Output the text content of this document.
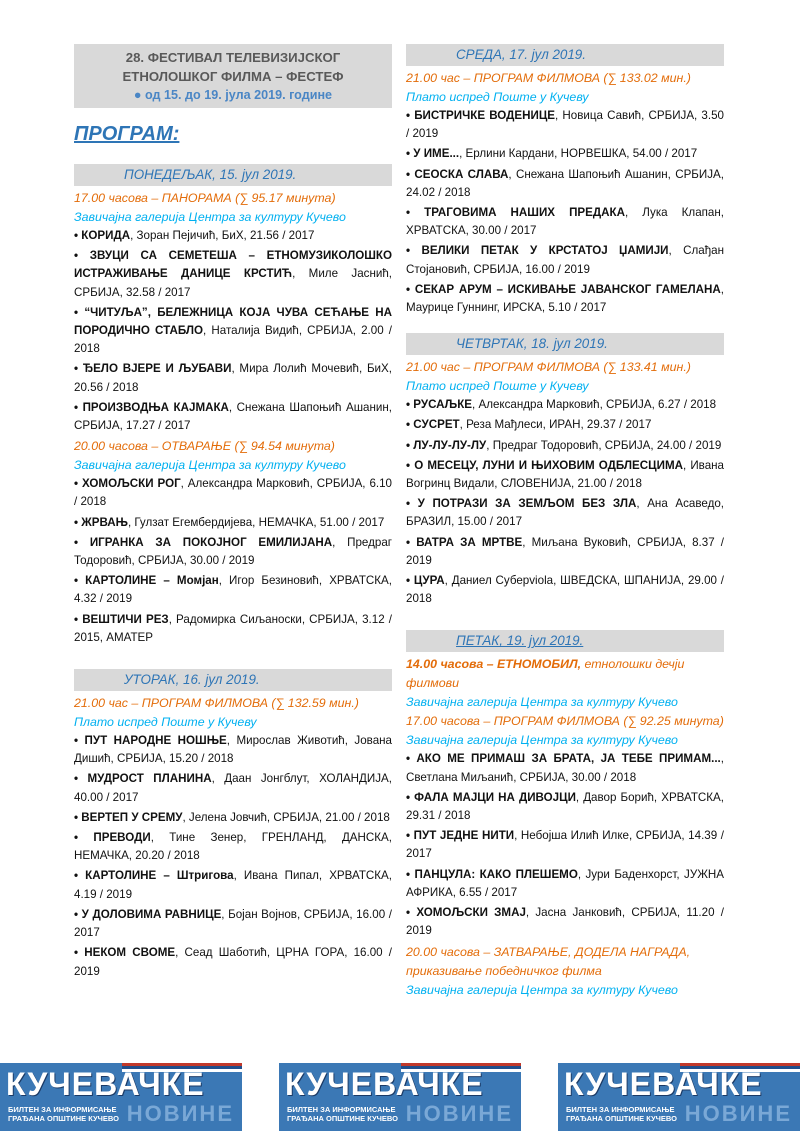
28. ФЕСТИВАЛ ТЕЛЕВИЗИЈСКОГ
ЕТНОЛОШКОГ ФИЛМА – ФЕСТЕФ
● од 15. до 19. јула 2019. године
ПРОГРАМ:
ПОНЕДЕЉАК, 15. јул 2019.
17.00 часова – ПАНОРАМА (∑ 95.17 минута)
Завичајна галерија Центра за културу Кучево
• КОРИДА, Зоран Пејичић, БиХ, 21.56 / 2017
• ЗВУЦИ СА СЕМЕТЕША – ЕТНОМУЗИКОЛОШКО ИСТРАЖИВАЊЕ ДАНИЦЕ КРСТИЋ, Миле Јаснић, СРБИЈА, 32.58 / 2017
• “ЧИТУЉА”, БЕЛЕЖНИЦА КОЈА ЧУВА СЕЋАЊЕ НА ПОРОДИЧНО СТАБЛО, Наталија Видић, СРБИЈА, 2.00 / 2018
• ЂЕЛО ВЈЕРЕ И ЉУБАВИ, Мира Лолић Мочевић, БиХ, 20.56 / 2018
• ПРОИЗВОДЊА КАЈМАКА, Снежана Шапоњић Ашанин, СРБИЈА, 17.27 / 2017
20.00 часова – ОТВАРАЊЕ (∑ 94.54 минута)
Завичајна галерија Центра за културу Кучево
• ХОМОЉСКИ РОГ, Александра Марковић, СРБИЈА, 6.10 / 2018
• ЖРВАЊ, Гулзат Егембердијева, НЕМАЧКА, 51.00 / 2017
• ИГРАНКА ЗА ПОКОЈНОГ ЕМИЛИЈАНА, Предраг Тодоровић, СРБИЈА, 30.00 / 2019
• КАРТОЛИНЕ – Момјан, Игор Безиновић, ХРВАТСКА, 4.32 / 2019
• ВЕШТИЧИ РЕЗ, Радомирка Сиљаноски, СРБИЈА, 3.12 / 2015, АМАТЕР
УТОРАК, 16. јул 2019.
21.00 час – ПРОГРАМ ФИЛМОВА (∑ 132.59 мин.)
Плато испред Поште у Кучеву
• ПУТ НАРОДНЕ НОШЊЕ, Мирослав Животић, Јована Дишић, СРБИЈА, 15.20 / 2018
• МУДРОСТ ПЛАНИНА, Даан Јонгблут, ХОЛАНДИЈА, 40.00 / 2017
• ВЕРТЕП У СРЕМУ, Јелена Јовчић, СРБИЈА, 21.00 / 2018
• ПРЕВОДИ, Тине Зенер, ГРЕНЛАНД, ДАНСКА, НЕМАЧКА, 20.20 / 2018
• КАРТОЛИНЕ – Штригова, Ивана Пипал, ХРВАТСКА, 4.19 / 2019
• У ДОЛОВИМА РАВНИЦЕ, Бојан Војнов, СРБИЈА, 16.00 / 2017
• НЕКОМ СВОМЕ, Сеад Шаботић, ЦРНА ГОРА, 16.00 / 2019
СРЕДА, 17. јул 2019.
21.00 час – ПРОГРАМ ФИЛМОВА (∑ 133.02 мин.)
Плато испред Поште у Кучеву
• БИСТРИЧКЕ ВОДЕНИЦЕ, Новица Савић, СРБИЈА, 3.50 / 2019
• У ИМЕ..., Ерлини Кардани, НОРВЕШКА, 54.00 / 2017
• СЕОСКА СЛАВА, Снежана Шапоњић Ашанин, СРБИЈА, 24.02 / 2018
• ТРАГОВИМА НАШИХ ПРЕДАКА, Лука Клапан, ХРВАТСКА, 30.00 / 2017
• ВЕЛИКИ ПЕТАК У КРСТАТОЈ ЏАМИЈИ, Слађан Стојановић, СРБИЈА, 16.00 / 2019
• СЕКАР АРУМ – ИСКИВАЊЕ ЈАВАНСКОГ ГАМЕЛАНА, Маурице Гуннинг, ИРСКА, 5.10 / 2017
ЧЕТВРТАК, 18. јул 2019.
21.00 час – ПРОГРАМ ФИЛМОВА (∑ 133.41 мин.)
Плато испред Поште у Кучеву
• РУСАЉКЕ, Александра Марковић, СРБИЈА, 6.27 / 2018
• СУСРЕТ, Реза Мађлеси, ИРАН, 29.37 / 2017
• ЛУ-ЛУ-ЛУ-ЛУ, Предраг Тодоровић, СРБИЈА, 24.00 / 2019
• О МЕСЕЦУ, ЛУНИ И ЊИХОВИМ ОДБЛЕСЦИМА, Ивана Вогринц Видали, СЛОВЕНИЈА, 21.00 / 2018
• У ПОТРАЗИ ЗА ЗЕМЉОМ БЕЗ ЗЛА, Ана Асаведо, БРАЗИЛ, 15.00 / 2017
• ВАТРА ЗА МРТВЕ, Миљана Вуковић, СРБИЈА, 8.37 / 2019
• ЦУРА, Даниел Суберviola, ШВЕДСКА, ШПАНИЈА, 29.00 / 2018
ПЕТАК, 19. јул 2019.
14.00 часова – ЕТНОМОБИЛ, етнолошки дечји филмови
Завичајна галерија Центра за културу Кучево
17.00 часова – ПРОГРАМ ФИЛМОВА (∑ 92.25 минута)
Завичајна галерија Центра за културу Кучево
• АКО МЕ ПРИМАШ ЗА БРАТА, ЈА ТЕБЕ ПРИМАМ..., Светлана Миљанић, СРБИЈА, 30.00 / 2018
• ФАЛА МАЈЦИ НА ДИВОЈЦИ, Давор Борић, ХРВАТСКА, 29.31 / 2018
• ПУТ ЈЕДНЕ НИТИ, Небојша Илић Илке, СРБИЈА, 14.39 / 2017
• ПАНЦУЛА: КАКО ПЛЕШЕМО, Јури Баденхорст, ЈУЖНА АФРИКА, 6.55 / 2017
• ХОМОЉСКИ ЗМАЈ, Јасна Јанковић, СРБИЈА, 11.20 / 2019
20.00 часова – ЗАТВАРАЊЕ, ДОДЕЛА НАГРАДА, приказивање победничког филма
Завичајна галерија Центра за културу Кучево
КУЧЕВАЧКЕ
БИЛТЕН ЗА ИНФОРМИСАЊЕ
ГРАЂАНА ОПШТИНЕ КУЧЕВО НОВИНЕ
КУЧЕВАЧКЕ
БИЛТЕН ЗА ИНФОРМИСАЊЕ
ГРАЂАНА ОПШТИНЕ КУЧЕВО НОВИНЕ
КУЧЕВАЧКЕ
БИЛТЕН ЗА ИНФОРМИСАЊЕ
ГРАЂАНА ОПШТИНЕ КУЧЕВО НОВИНЕ
